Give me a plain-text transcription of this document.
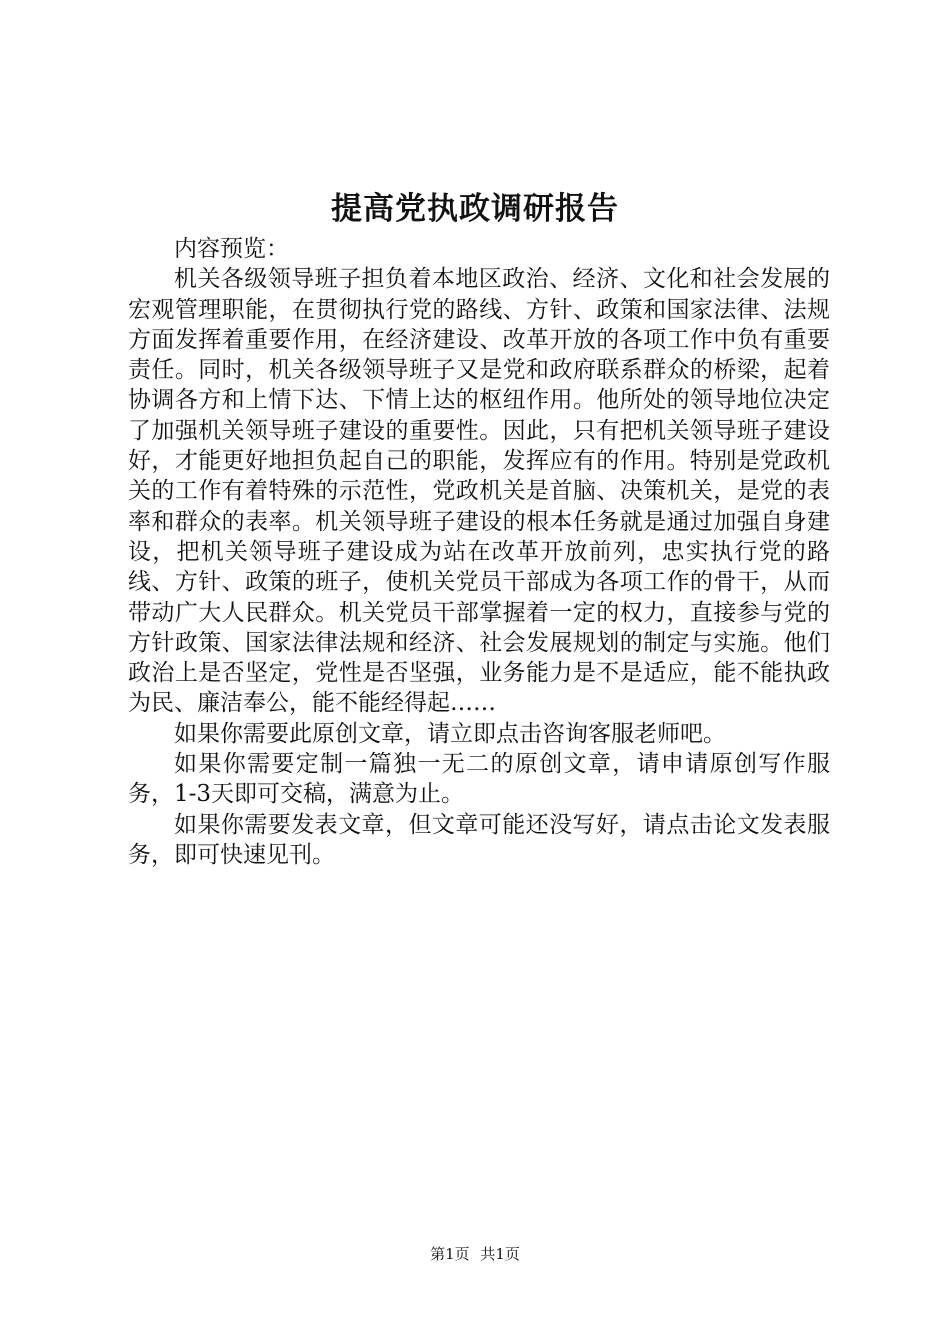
提高党执政调研报告

内容预览：

机关各级领导班子担负着本地区政治、经济、文化和社会发展的宏观管理职能，在贯彻执行党的路线、方针、政策和国家法律、法规方面发挥着重要作用，在经济建设、改革开放的各项工作中负有重要责任。同时，机关各级领导班子又是党和政府联系群众的桥梁，起着协调各方和上情下达、下情上达的枢纽作用。他所处的领导地位决定了加强机关领导班子建设的重要性。因此，只有把机关领导班子建设好，才能更好地担负起自己的职能，发挥应有的作用。特别是党政机关的工作有着特殊的示范性，党政机关是首脑、决策机关，是党的表率和群众的表率。机关领导班子建设的根本任务就是通过加强自身建设，把机关领导班子建设成为站在改革开放前列，忠实执行党的路线、方针、政策的班子，使机关党员干部成为各项工作的骨干，从而带动广大人民群众。机关党员干部掌握着一定的权力，直接参与党的方针政策、国家法律法规和经济、社会发展规划的制定与实施。他们政治上是否坚定，党性是否坚强，业务能力是不是适应，能不能执政为民、廉洁奉公，能不能经得起……

如果你需要此原创文章，请立即点击咨询客服老师吧。

如果你需要定制一篇独一无二的原创文章，请申请原创写作服务，1-3天即可交稿，满意为止。

如果你需要发表文章，但文章可能还没写好，请点击论文发表服务，即可快速见刊。

第1页 共1页
